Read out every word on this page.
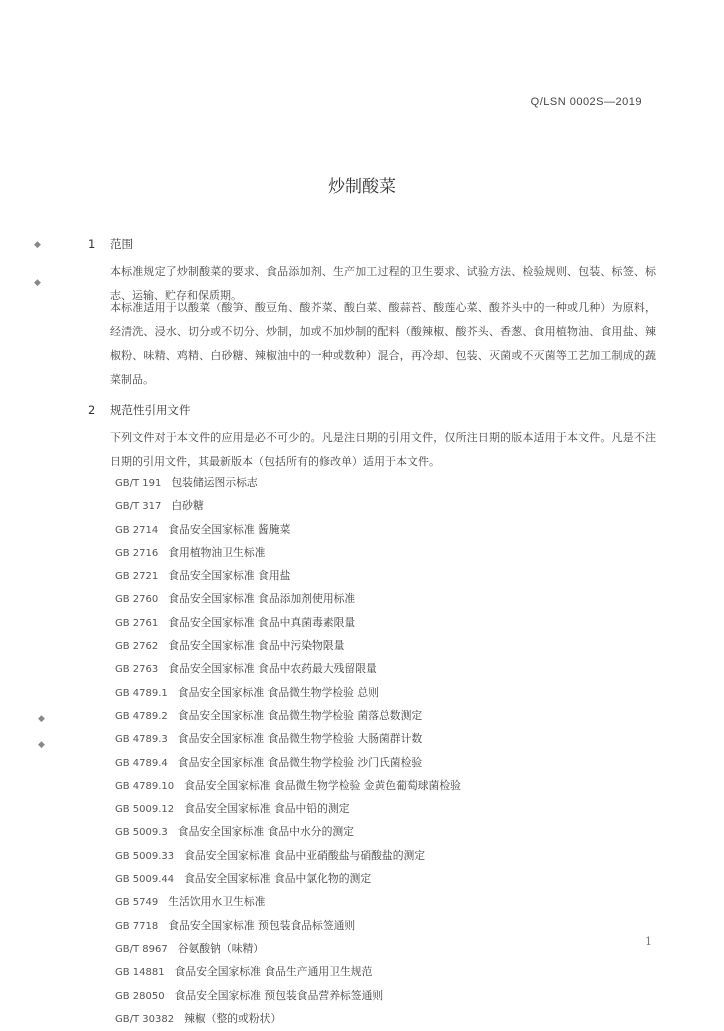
Q/LSN 0002S—2019
炒制酸菜
◆
◆
◆
◆
1 范围
本标准规定了炒制酸菜的要求、食品添加剂、生产加工过程的卫生要求、试验方法、检验规则、包装、标签、标志、运输、贮存和保质期。
本标准适用于以酸菜（酸笋、酸豆角、酸芥菜、酸白菜、酸蒜苔、酸莲心菜、酸芥头中的一种或几种）为原料，经清洗、浸水、切分或不切分、炒制，加或不加炒制的配料（酸辣椒、酸芥头、香葱、食用植物油、食用盐、辣椒粉、味精、鸡精、白砂糖、辣椒油中的一种或数种）混合，再冷却、包装、灭菌或不灭菌等工艺加工制成的蔬菜制品。
2 规范性引用文件
下列文件对于本文件的应用是必不可少的。凡是注日期的引用文件，仅所注日期的版本适用于本文件。凡是不注日期的引用文件，其最新版本（包括所有的修改单）适用于本文件。
GB/T 191 包装储运图示标志
GB/T 317 白砂糖
GB 2714 食品安全国家标准 酱腌菜
GB 2716 食用植物油卫生标准
GB 2721 食品安全国家标准 食用盐
GB 2760 食品安全国家标准 食品添加剂使用标准
GB 2761 食品安全国家标准 食品中真菌毒素限量
GB 2762 食品安全国家标准 食品中污染物限量
GB 2763 食品安全国家标准 食品中农药最大残留限量
GB 4789.1 食品安全国家标准 食品微生物学检验 总则
GB 4789.2 食品安全国家标准 食品微生物学检验 菌落总数测定
GB 4789.3 食品安全国家标准 食品微生物学检验 大肠菌群计数
GB 4789.4 食品安全国家标准 食品微生物学检验 沙门氏菌检验
GB 4789.10 食品安全国家标准 食品微生物学检验 金黄色葡萄球菌检验
GB 5009.12 食品安全国家标准 食品中铅的测定
GB 5009.3 食品安全国家标准 食品中水分的测定
GB 5009.33 食品安全国家标准 食品中亚硝酸盐与硝酸盐的测定
GB 5009.44 食品安全国家标准 食品中氯化物的测定
GB 5749 生活饮用水卫生标准
GB 7718 食品安全国家标准 预包装食品标签通则
GB/T 8967 谷氨酸钠（味精）
GB 14881 食品安全国家标准 食品生产通用卫生规范
GB 28050 食品安全国家标准 预包装食品营养标签通则
GB/T 30382 辣椒（整的或粉状）
1
